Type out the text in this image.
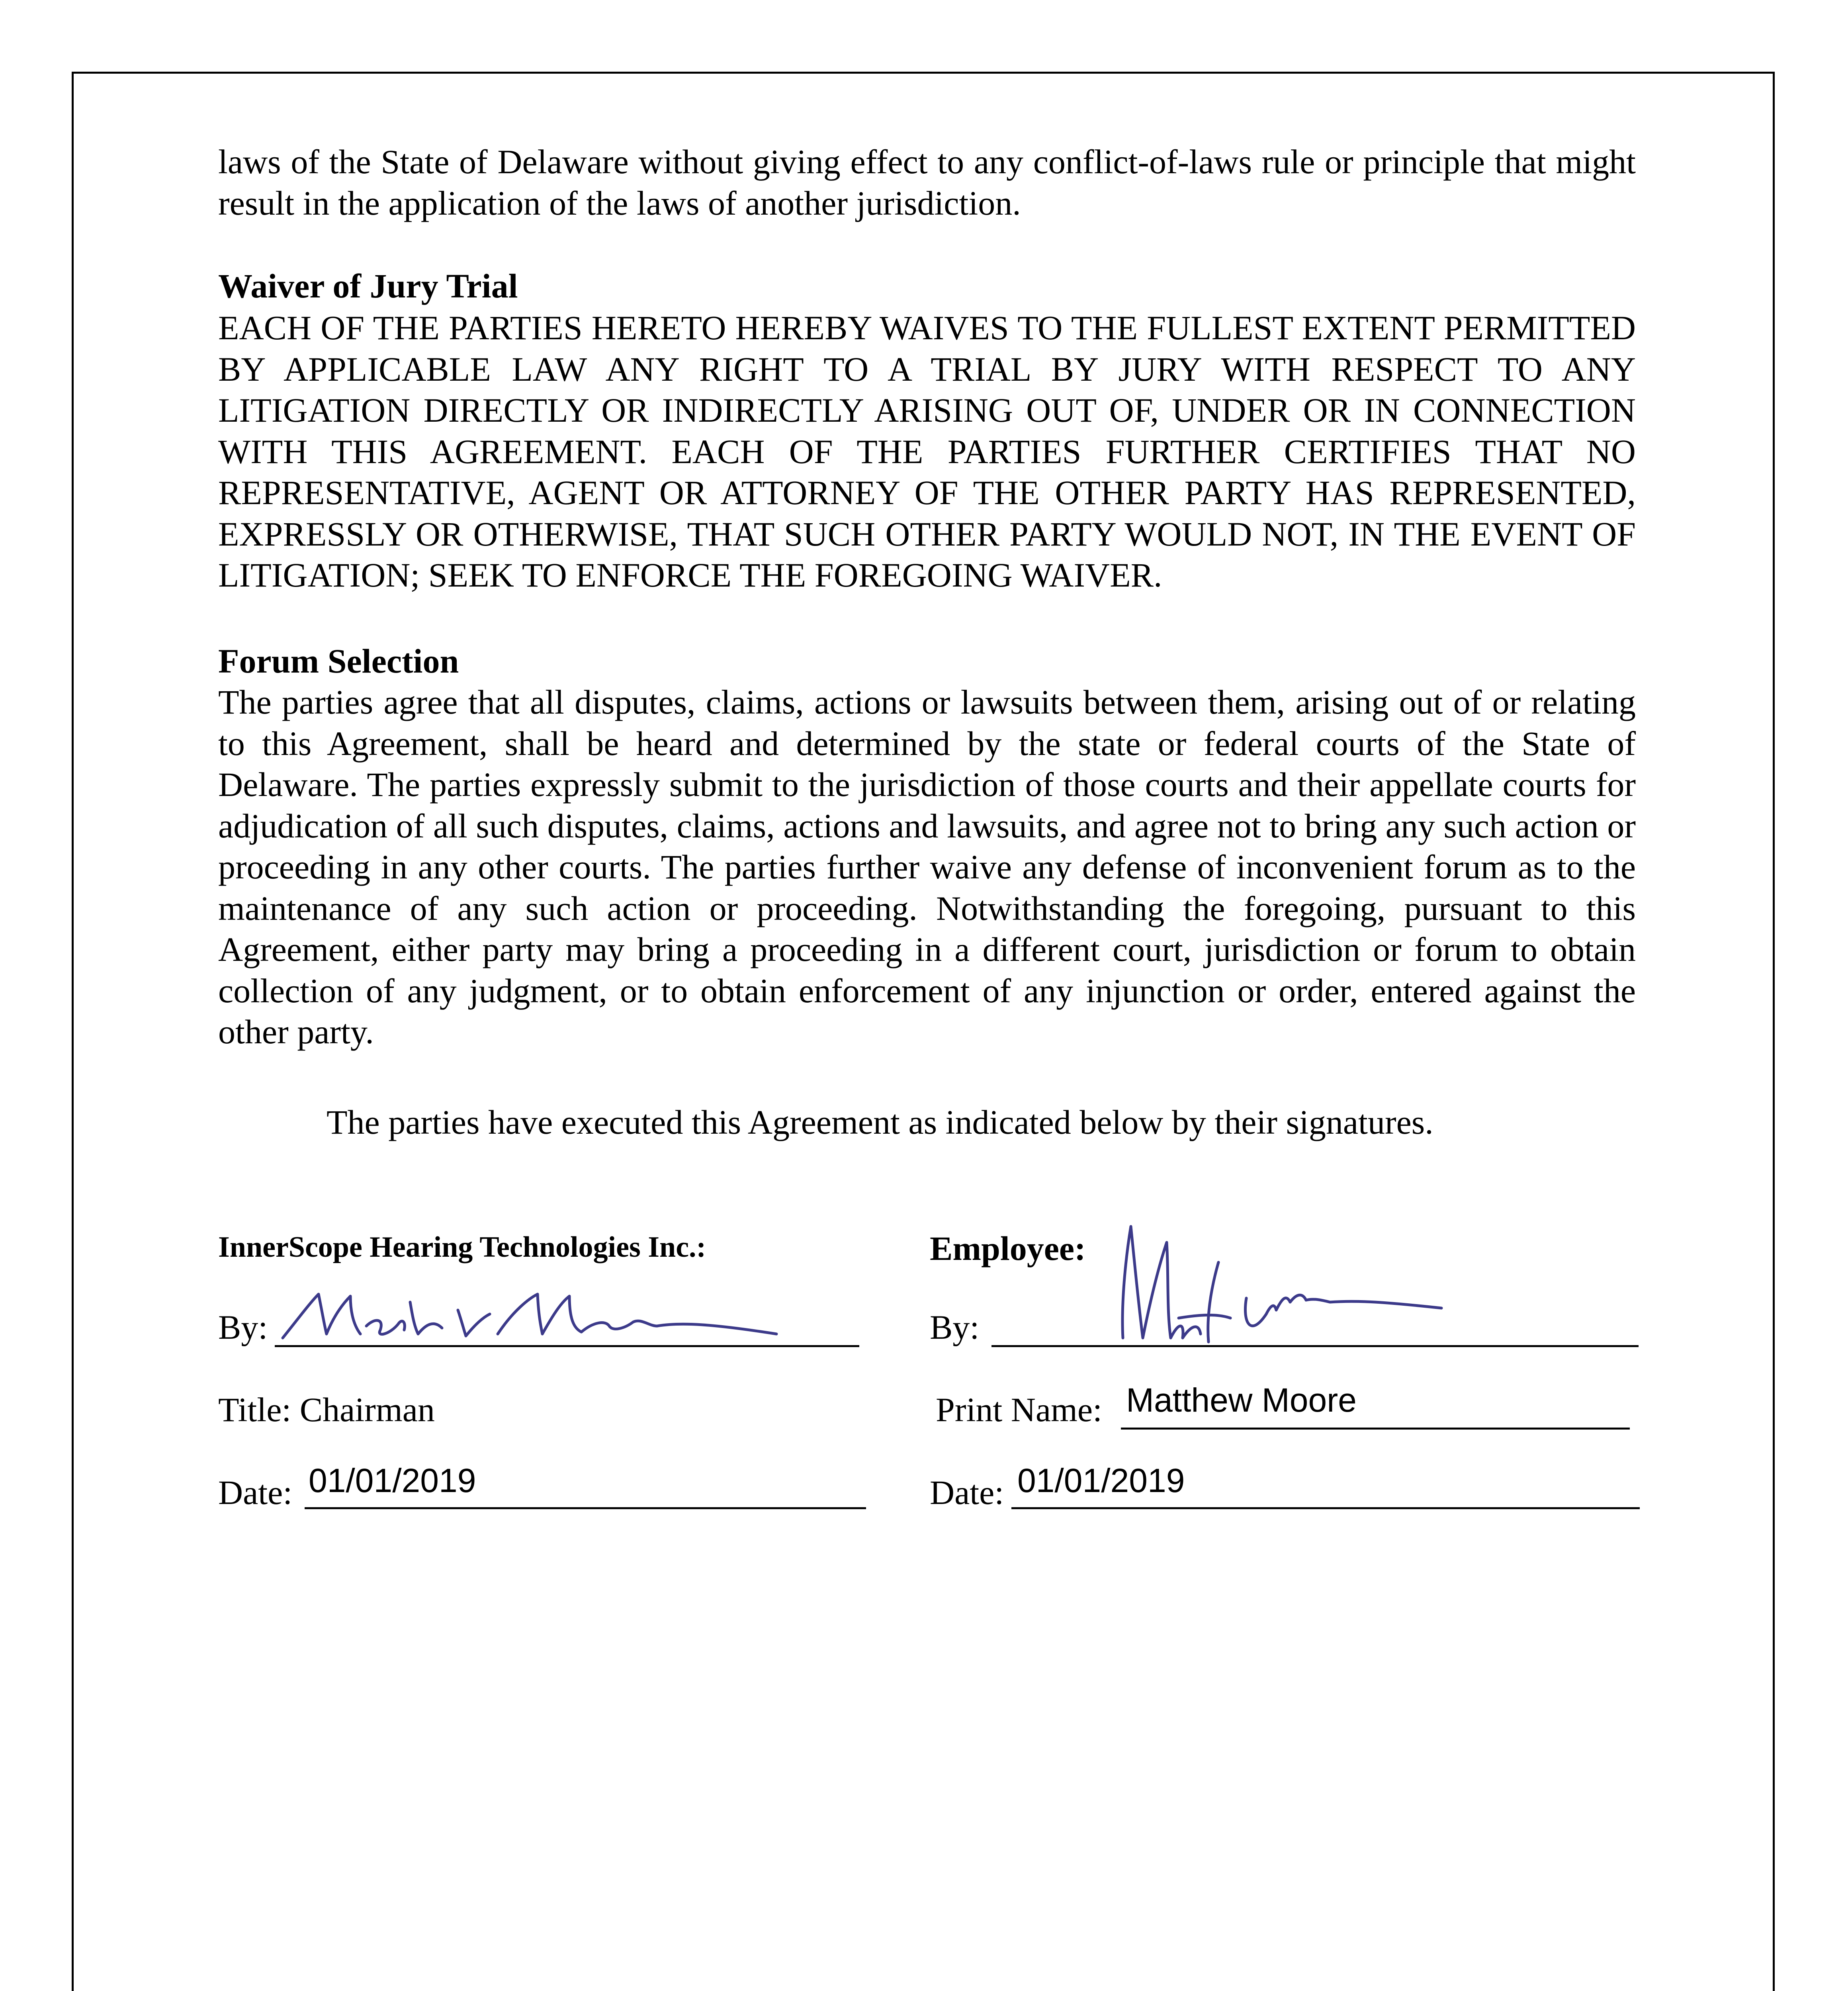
laws of the State of Delaware without giving effect to any conflict-of-laws rule or principle that might result in the application of the laws of another jurisdiction.

Waiver of Jury Trial

EACH OF THE PARTIES HERETO HEREBY WAIVES TO THE FULLEST EXTENT PERMITTED BY APPLICABLE LAW ANY RIGHT TO A TRIAL BY JURY WITH RESPECT TO ANY LITIGATION DIRECTLY OR INDIRECTLY ARISING OUT OF, UNDER OR IN CONNECTION WITH THIS AGREEMENT. EACH OF THE PARTIES FURTHER CERTIFIES THAT NO REPRESENTATIVE, AGENT OR ATTORNEY OF THE OTHER PARTY HAS REPRESENTED, EXPRESSLY OR OTHERWISE, THAT SUCH OTHER PARTY WOULD NOT, IN THE EVENT OF LITIGATION; SEEK TO ENFORCE THE FOREGOING WAIVER.

Forum Selection

The parties agree that all disputes, claims, actions or lawsuits between them, arising out of or relating to this Agreement, shall be heard and determined by the state or federal courts of the State of Delaware. The parties expressly submit to the jurisdiction of those courts and their appellate courts for adjudication of all such disputes, claims, actions and lawsuits, and agree not to bring any such action or proceeding in any other courts. The parties further waive any defense of inconvenient forum as to the maintenance of any such action or proceeding. Notwithstanding the foregoing, pursuant to this Agreement, either party may bring a proceeding in a different court, jurisdiction or forum to obtain collection of any judgment, or to obtain enforcement of any injunction or order, entered against the other party.

The parties have executed this Agreement as indicated below by their signatures.

InnerScope Hearing Technologies Inc.:
By:
Title: Chairman
Date: 01/01/2019
Employee:
By:
Print Name: Matthew Moore
Date: 01/01/2019
